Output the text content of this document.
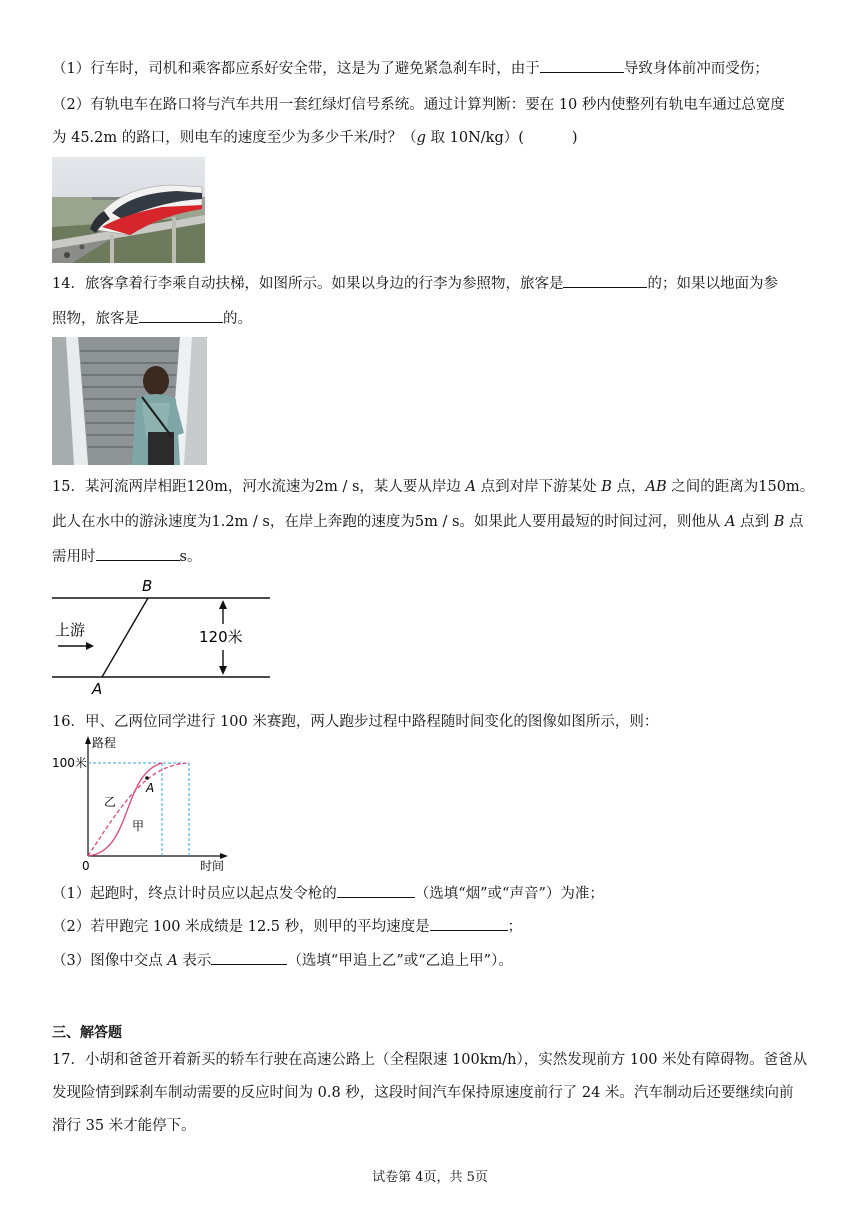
（1）行车时，司机和乘客都应系好安全带，这是为了避免紧急刹车时，由于	导致身体前冲而受伤；
（2）有轨电车在路口将与汽车共用一套红绿灯信号系统。通过计算判断：要在 10 秒内使整列有轨电车通过总宽度
为 45.2m 的路口，则电车的速度至少为多少千米/时？（g 取 10N/kg）(	)
14．旅客拿着行李乘自动扶梯，如图所示。如果以身边的行李为参照物，旅客是	的；如果以地面为参
照物，旅客是	的。
15．某河流两岸相距120m，河水流速为2m / s，某人要从岸边 A 点到对岸下游某处 B 点，AB 之间的距离为150m。
此人在水中的游泳速度为1.2m / s，在岸上奔跑的速度为5m / s。如果此人要用最短的时间过河，则他从 A 点到 B 点
需用时	s。
B
A
上游	120米
16．甲、乙两位同学进行 100 米赛跑，两人跑步过程中路程随时间变化的图像如图所示，则：
路程
时间
100米
0
A
乙
甲
（1）起跑时，终点计时员应以起点发令枪的	（选填“烟”或“声音”）为准；
（2）若甲跑完 100 米成绩是 12.5 秒，则甲的平均速度是	；
（3）图像中交点 A 表示	（选填“甲追上乙”或“乙追上甲”）。
三、解答题
17．小胡和爸爸开着新买的轿车行驶在高速公路上（全程限速 100km/h），实然发现前方 100 米处有障碍物。爸爸从
发现险情到踩刹车制动需要的反应时间为 0.8 秒，这段时间汽车保持原速度前行了 24 米。汽车制动后还要继续向前
滑行 35 米才能停下。
试卷第 4页，共 5页
